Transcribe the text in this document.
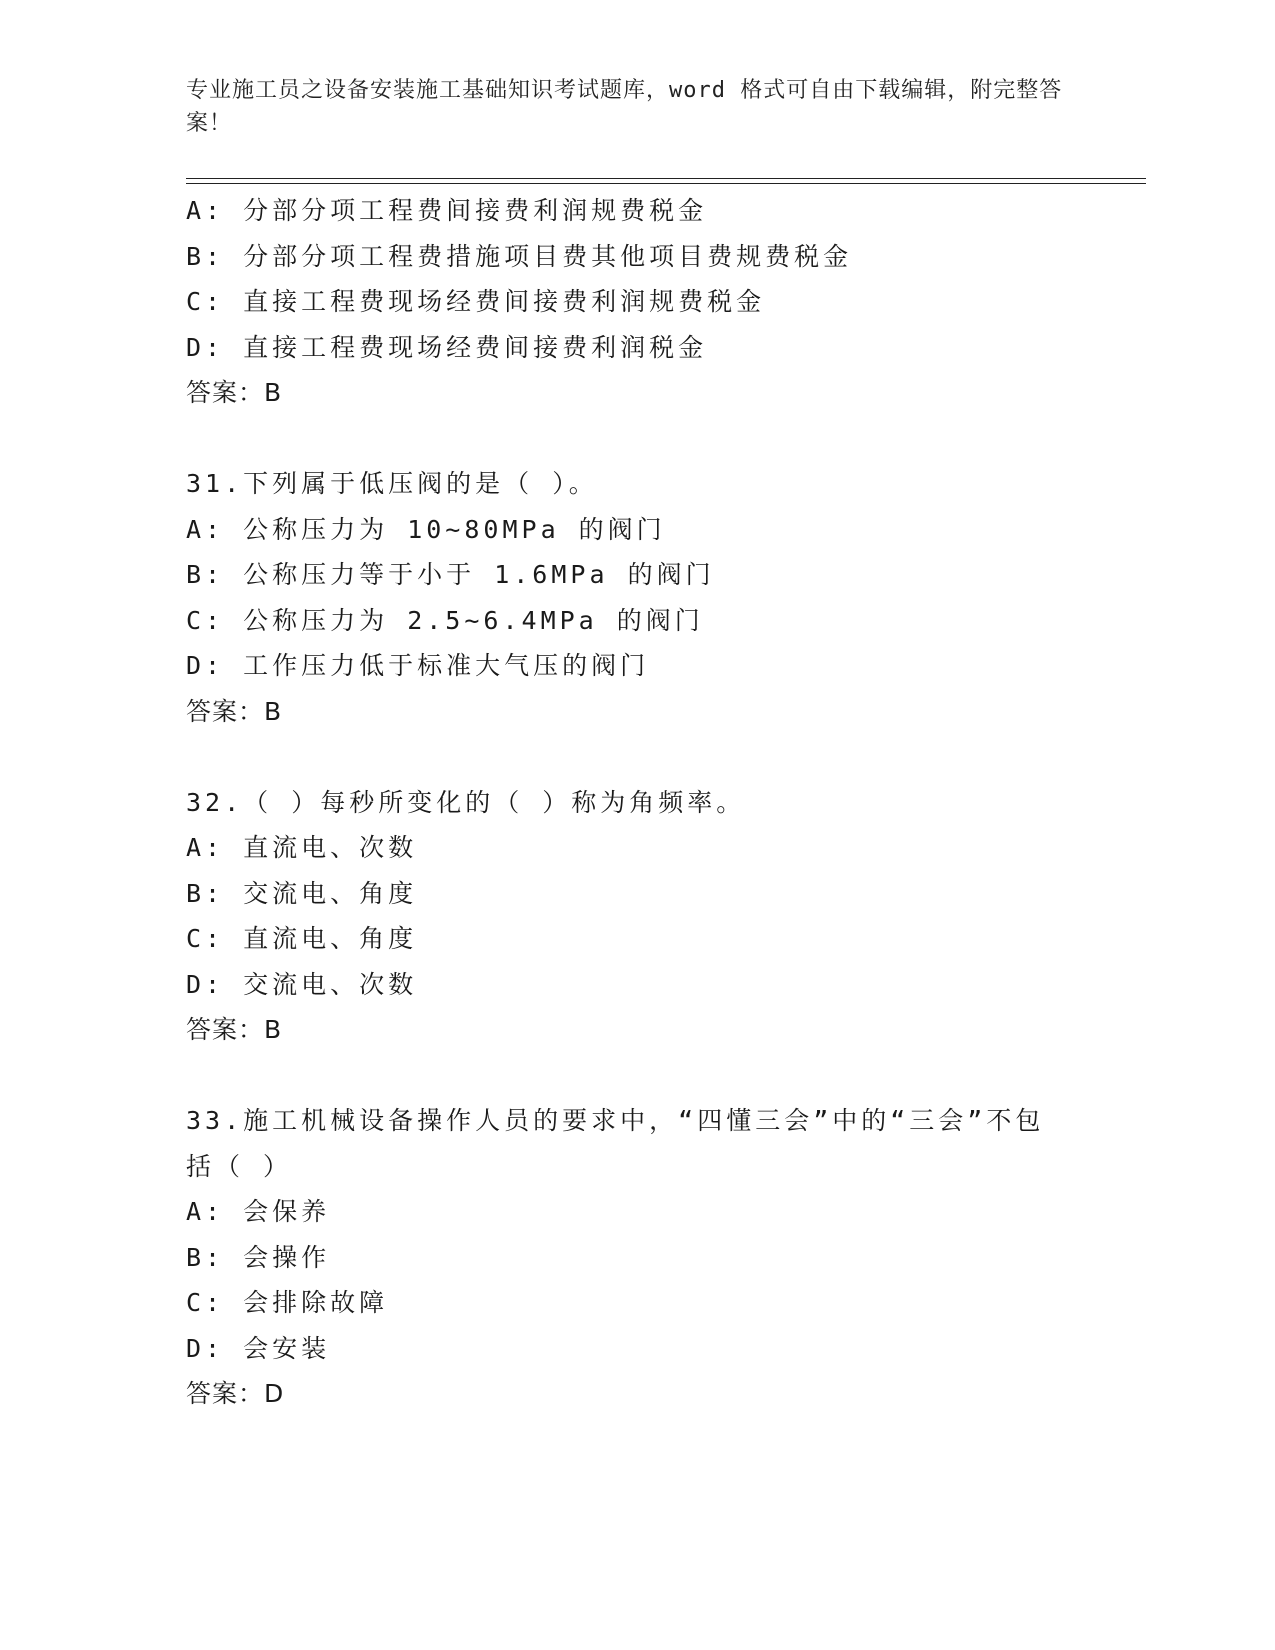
专业施工员之设备安装施工基础知识考试题库，word 格式可自由下载编辑，附完整答案！
A: 分部分项工程费间接费利润规费税金
B: 分部分项工程费措施项目费其他项目费规费税金
C: 直接工程费现场经费间接费利润规费税金
D: 直接工程费现场经费间接费利润税金
答案：B
31.下列属于低压阀的是（ ）。
A: 公称压力为 10~80MPa 的阀门
B: 公称压力等于小于 1.6MPa 的阀门
C: 公称压力为 2.5~6.4MPa 的阀门
D: 工作压力低于标准大气压的阀门
答案：B
32.（ ）每秒所变化的（ ）称为角频率。
A: 直流电、次数
B: 交流电、角度
C: 直流电、角度
D: 交流电、次数
答案：B
33.施工机械设备操作人员的要求中，“四懂三会”中的“三会”不包括（ ）
A: 会保养
B: 会操作
C: 会排除故障
D: 会安装
答案：D
